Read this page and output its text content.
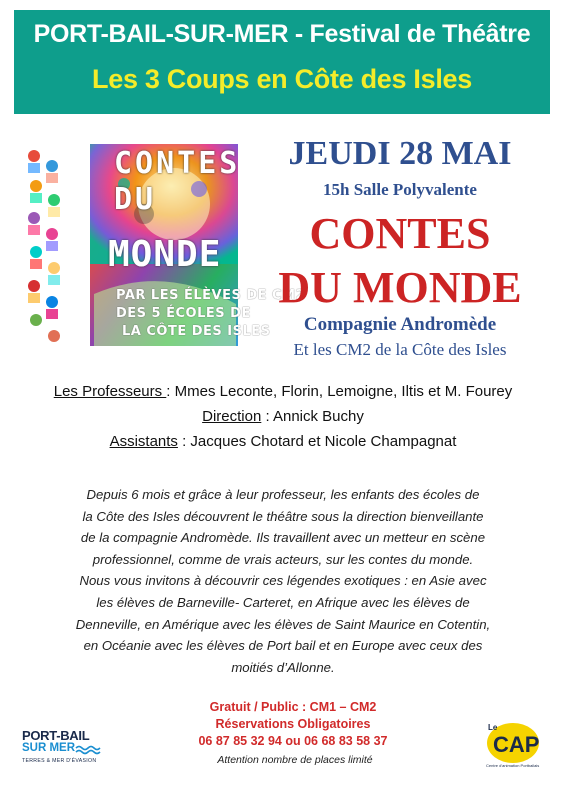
PORT-BAIL-SUR-MER - Festival de Théâtre
Les 3 Coups en Côte des Isles
CONTES
DU
MONDE
PAR LES ÉLÈVES DE CM2
DES 5 ÉCOLES DE
LA CÔTE DES ISLES
JEUDI 28 MAI
15h Salle Polyvalente
CONTES
DU MONDE
Compagnie Andromède
Et les CM2 de la Côte des Isles
Les Professeurs : Mmes Leconte, Florin, Lemoigne, Iltis et M. Fourey
Direction : Annick Buchy
Assistants : Jacques Chotard et Nicole Champagnat
Depuis 6 mois et grâce à leur professeur, les enfants des écoles de
la Côte des Isles découvrent le théâtre sous la direction bienveillante
de la compagnie Andromède. Ils travaillent avec un metteur en scène
professionnel, comme de vrais acteurs, sur les contes du monde.
Nous vous invitons à découvrir ces légendes exotiques : en Asie avec
les élèves de Barneville- Carteret, en Afrique avec les élèves de
Denneville, en Amérique avec les élèves de Saint Maurice en Cotentin,
en Océanie avec les élèves de Port bail et en Europe avec ceux des
moitiés d’Allonne.
Gratuit / Public : CM1 – CM2
Réservations Obligatoires
06 87 85 32 94 ou 06 68 83 58 37
Attention nombre de places limité
PORT-BAIL
SUR MER
TERRES & MER D'ÉVASION
Le
CAP
Centre d'animation Portbailais
